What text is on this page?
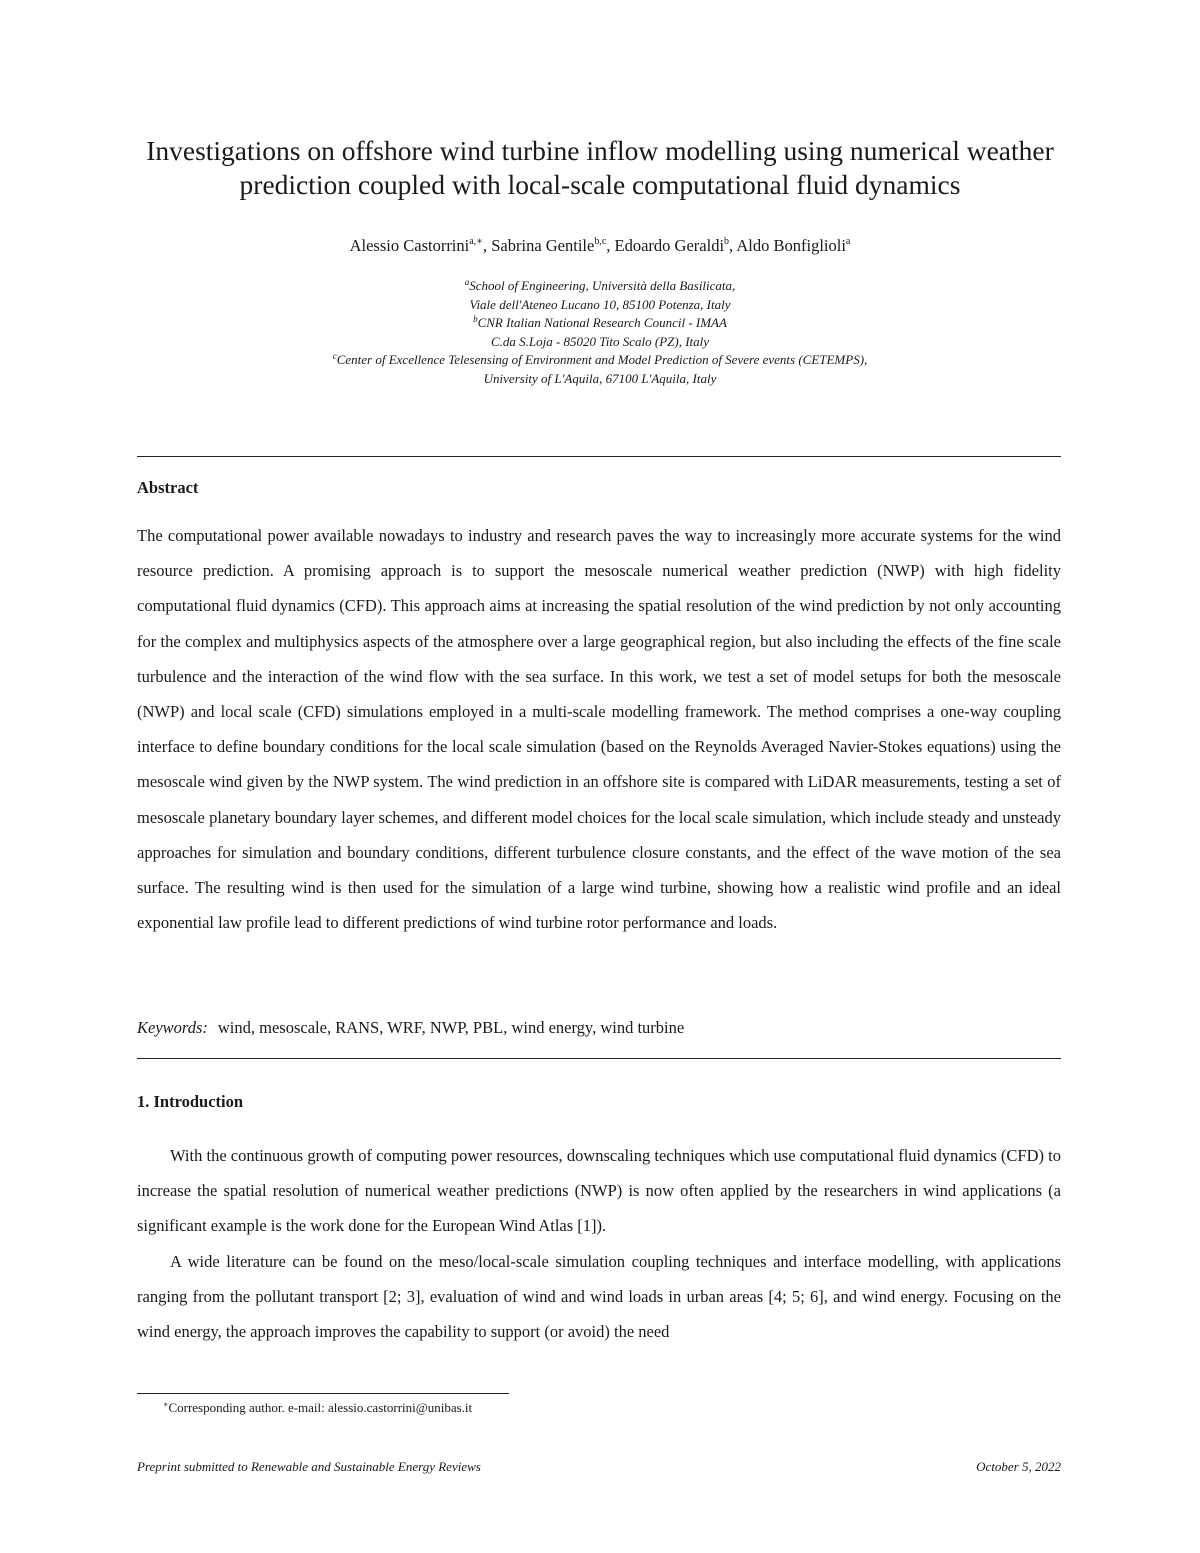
Investigations on offshore wind turbine inflow modelling using numerical weather
prediction coupled with local-scale computational fluid dynamics
Alessio Castorrini$^{a,∗}$, Sabrina Gentile$^{b,c}$, Edoardo Geraldi$^b$, Aldo Bonfiglioli$^a$
$^a$School of Engineering, Università della Basilicata,
Viale dell'Ateneo Lucano 10, 85100 Potenza, Italy
$^b$CNR Italian National Research Council - IMAA
C.da S.Loja - 85020 Tito Scalo (PZ), Italy
$^c$Center of Excellence Telesensing of Environment and Model Prediction of Severe events (CETEMPS),
University of L'Aquila, 67100 L'Aquila, Italy
Abstract

The computational power available nowadays to industry and research paves the way to increasingly more accurate systems for the wind resource prediction. A promising approach is to support the mesoscale numerical weather prediction (NWP) with high fidelity computational fluid dynamics (CFD). This approach aims at increasing the spatial resolution of the wind prediction by not only accounting for the complex and multiphysics aspects of the atmosphere over a large geographical region, but also including the effects of the fine scale turbulence and the interaction of the wind flow with the sea surface. In this work, we test a set of model setups for both the mesoscale (NWP) and local scale (CFD) simulations employed in a multi-scale modelling framework. The method comprises a one-way coupling interface to define boundary conditions for the local scale simulation (based on the Reynolds Averaged Navier-Stokes equations) using the mesoscale wind given by the NWP system. The wind prediction in an offshore site is compared with LiDAR measurements, testing a set of mesoscale planetary boundary layer schemes, and different model choices for the local scale simulation, which include steady and unsteady approaches for simulation and boundary conditions, different turbulence closure constants, and the effect of the wave motion of the sea surface. The resulting wind is then used for the simulation of a large wind turbine, showing how a realistic wind profile and an ideal exponential law profile lead to different predictions of wind turbine rotor performance and loads.

Keywords: wind, mesoscale, RANS, WRF, NWP, PBL, wind energy, wind turbine
1. Introduction

With the continuous growth of computing power resources, downscaling techniques which use computational fluid dynamics (CFD) to increase the spatial resolution of numerical weather predictions (NWP) is now often applied by the researchers in wind applications (a significant example is the work done for the European Wind Atlas [1]).

A wide literature can be found on the meso/local-scale simulation coupling techniques and interface modelling, with applications ranging from the pollutant transport [2; 3], evaluation of wind and wind loads in urban areas [4; 5; 6], and wind energy. Focusing on the wind energy, the approach improves the capability to support (or avoid) the need

∗Corresponding author. e-mail: alessio.castorrini@unibas.it
Preprint submitted to Renewable and Sustainable Energy Reviews	October 5, 2022
